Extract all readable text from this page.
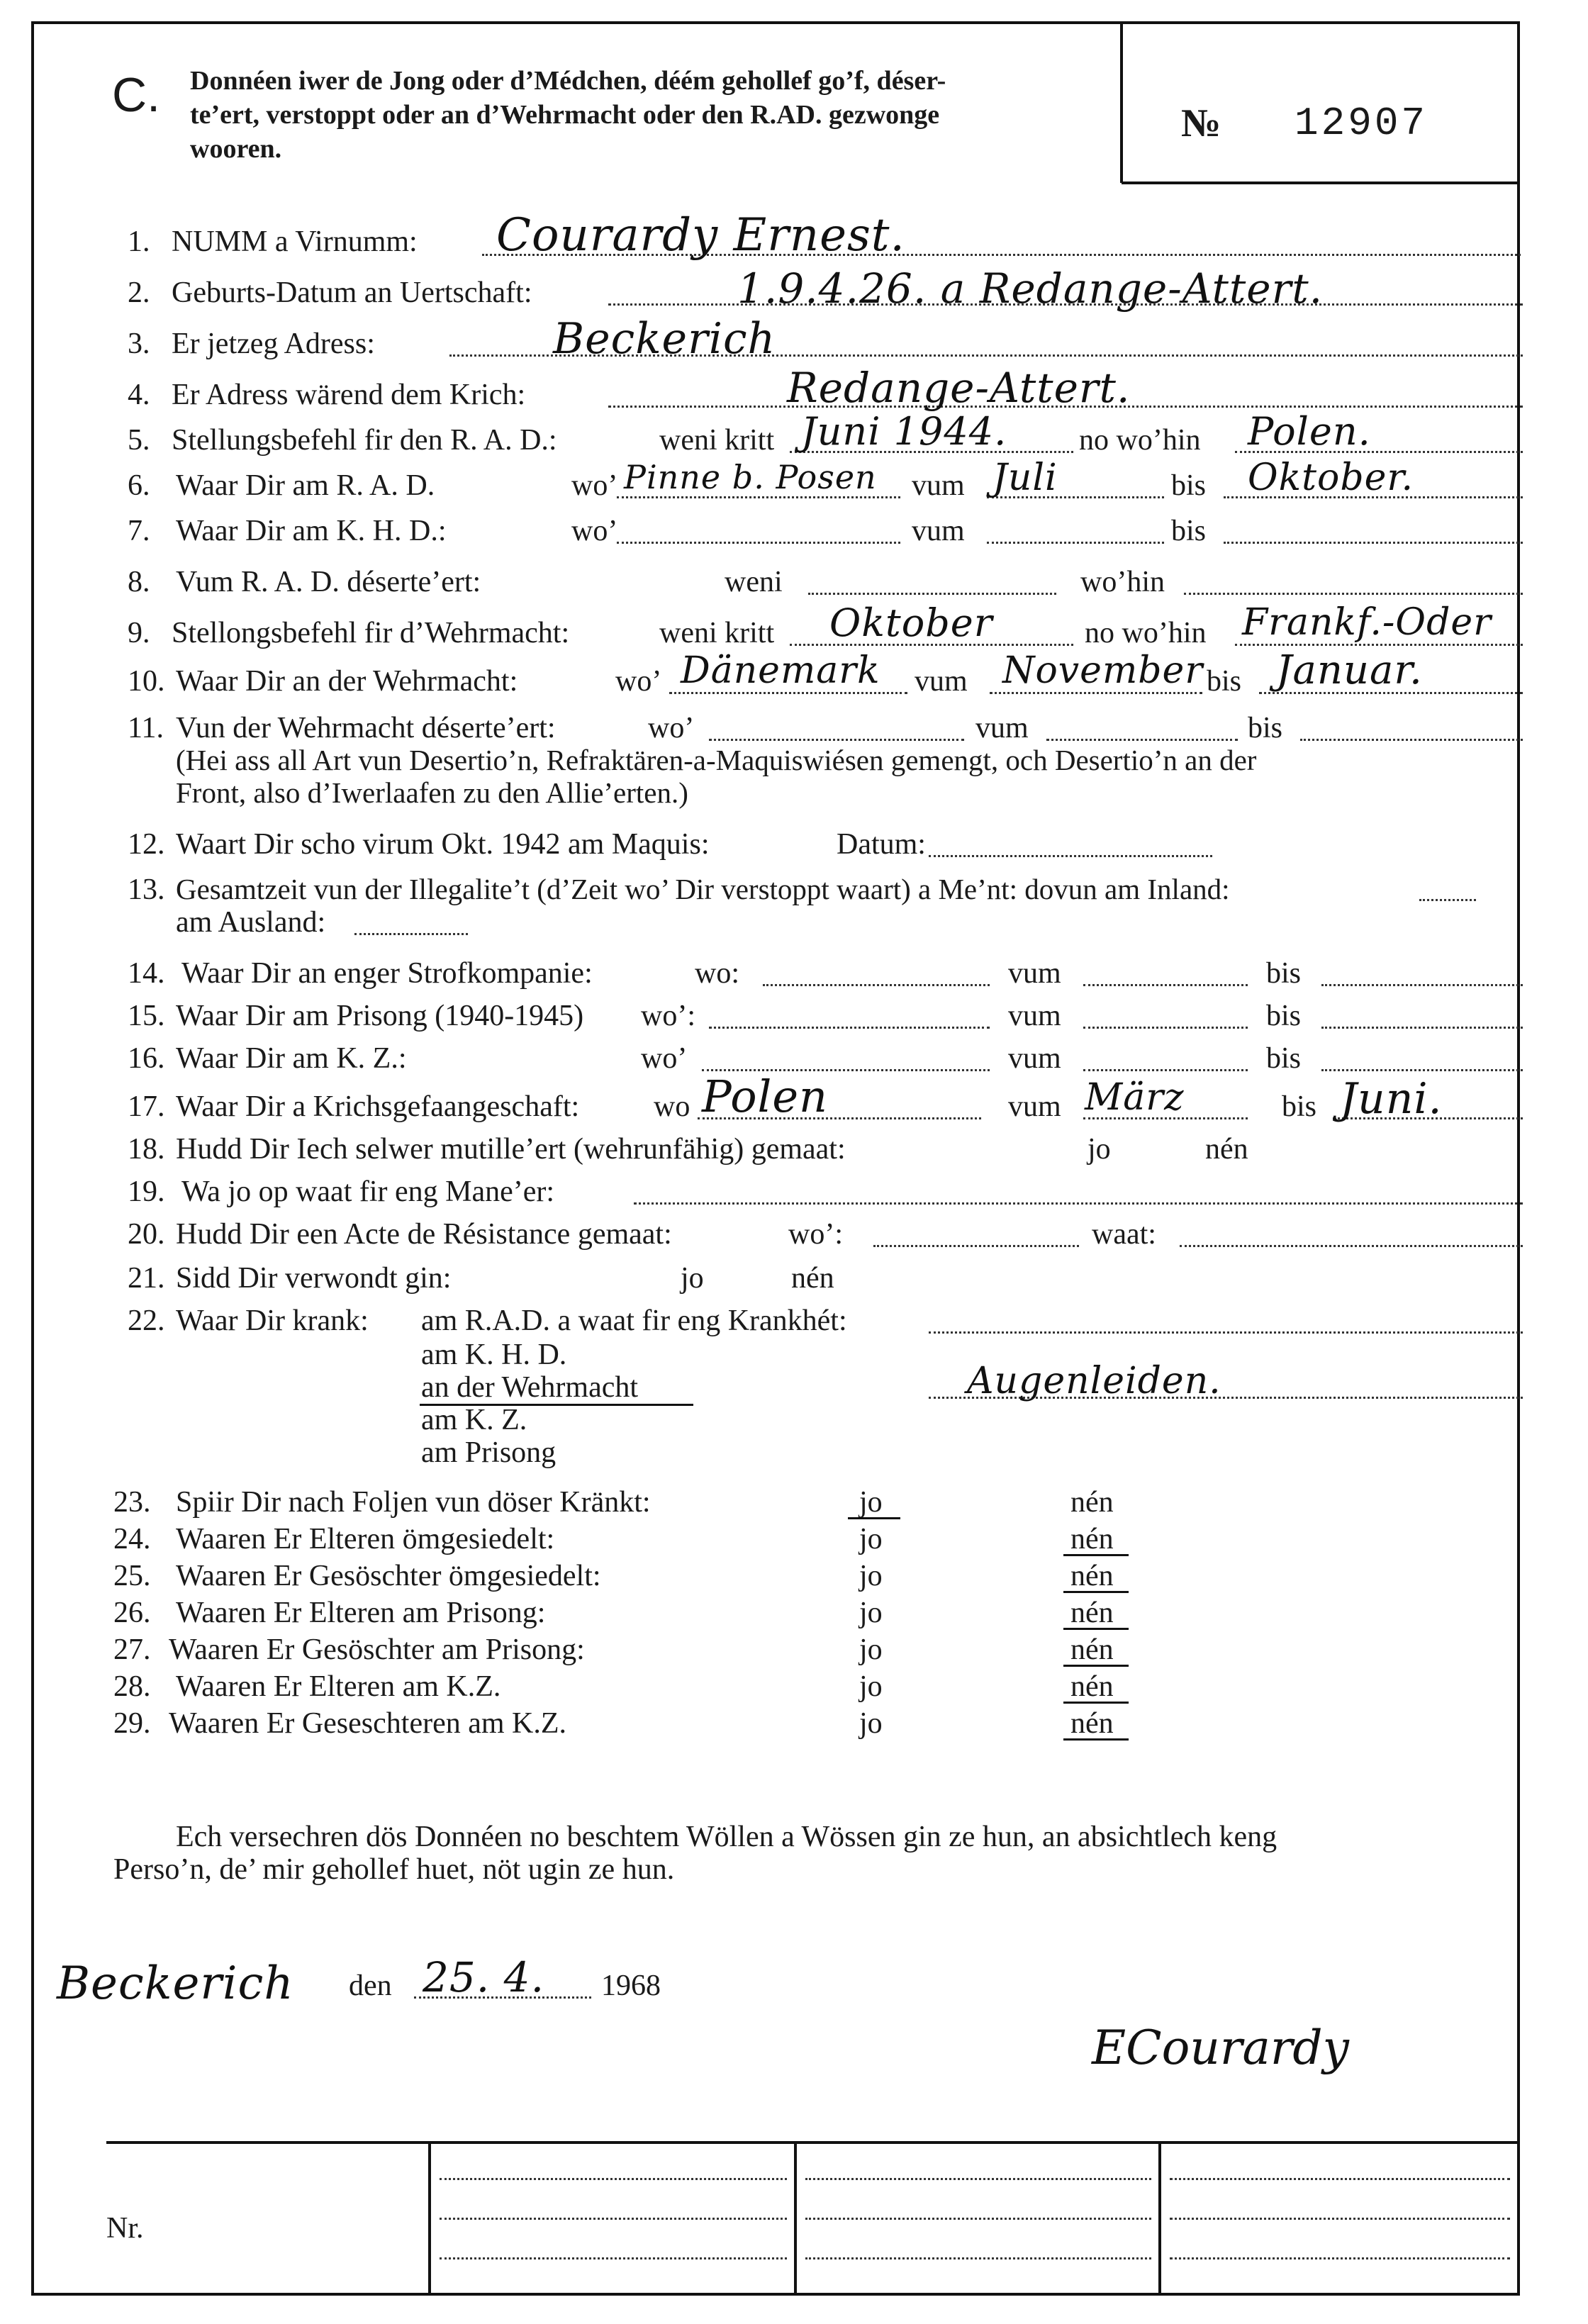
C. Donnéen iwer de Jong oder d’Médchen, déém gehollef go’f, déser-
te’ert, verstoppt oder an d’Wehrmacht oder den R.AD. gezwonge
wooren.
№ 12907
1. NUMM a Virnumm: Courardy Ernest.
2. Geburts-Datum an Uertschaft:	1.9.4.26. a Redange-Attert.
3. Er jetzeg Adress:	Beckerich
4. Er Adress wärend dem Krich:	Redange-Attert.
5. Stellungsbefehl fir den R. A. D.:	weni kritt Juni 1944. no wo’hin Polen.
6. Waar Dir am R. A. D.	wo’ Pinne b. Posen vum Juli	bis Oktober.
7. Waar Dir am K. H. D.:	wo’	vum	bis
8. Vum R. A. D. déserte’ert:	weni	wo’hin
9. Stellongsbefehl fir d’Wehrmacht:	weni kritt Oktober	no wo’hin Frankf.-Oder
10. Waar Dir an der Wehrmacht:	wo’ Dänemark vum November bis Januar.
11. Vun der Wehrmacht déserte’ert:	wo’	vum	bis
(Hei ass all Art vun Desertio’n, Refraktären-a-Maquiswiésen gemengt, och Desertio’n an der
Front, also d’Iwerlaafen zu den Allie’erten.)
12. Waart Dir scho virum Okt. 1942 am Maquis:	Datum:
13. Gesamtzeit vun der Illegalite’t (d’Zeit wo’ Dir verstoppt waart) a Me’nt: dovun am Inland:
am Ausland:
14. Waar Dir an enger Strofkompanie:	wo:	vum	bis
15. Waar Dir am Prisong (1940-1945) wo’:	vum	bis
16. Waar Dir am K. Z.:	wo’	vum	bis
17. Waar Dir a Krichsgefaangeschaft: wo Polen	vum März	bis Juni.
18. Hudd Dir Iech selwer mutille’ert (wehrunfähig) gemaat:	jo	nén
19. Wa jo op waat fir eng Mane’er:
20. Hudd Dir een Acte de Résistance gemaat:	wo’:	waat:
21. Sidd Dir verwondt gin:	jo	nén
22. Waar Dir krank: am R.A.D. a waat fir eng Krankhét:
am K. H. D.
an der Wehrmacht	Augenleiden.
am K. Z.
am Prisong
23. Spiir Dir nach Foljen vun döser Kränkt:	jo	nén
24. Waaren Er Elteren ömgesiedelt:	jo	nén
25. Waaren Er Gesöschter ömgesiedelt:	jo	nén
26. Waaren Er Elteren am Prisong:	jo	nén
27. Waaren Er Gesöschter am Prisong:	jo	nén
28. Waaren Er Elteren am K.Z.	jo	nén
29. Waaren Er Geseschteren am K.Z.	jo	nén
Ech versechren dös Donnéen no beschtem Wöllen a Wössen gin ze hun, an absichtlech keng
Perso’n, de’ mir gehollef huet, nöt ugin ze hun.
Beckerich den 25. 4. 1968
ECourardy
Nr.
